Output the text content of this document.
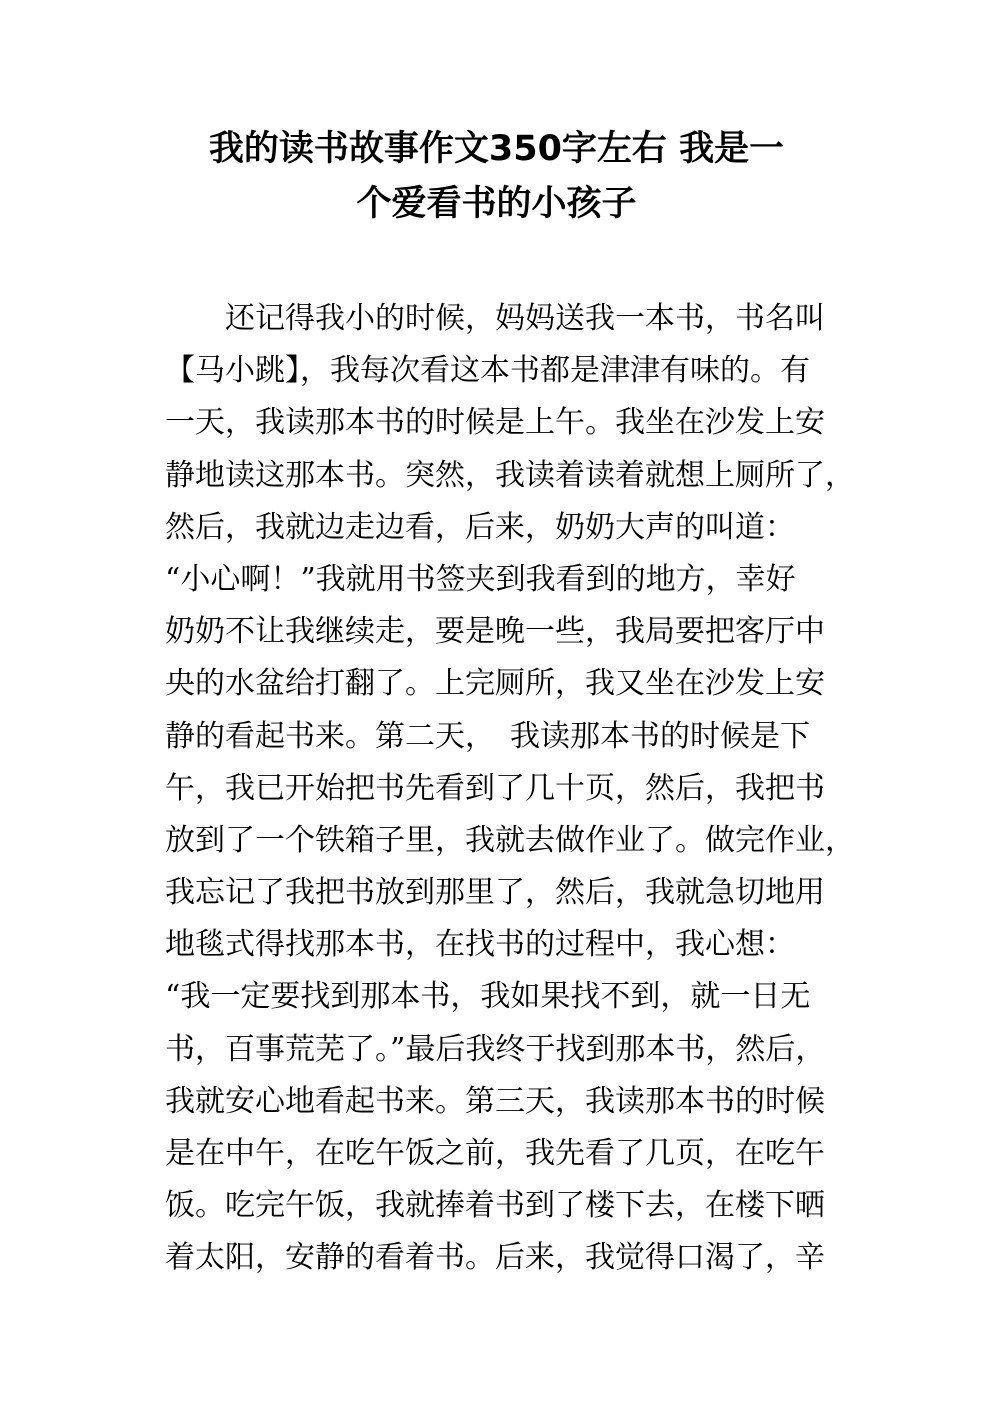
我的读书故事作文350字左右 我是一
个爱看书的小孩子
　　还记得我小的时候，妈妈送我一本书，书名叫
【马小跳】，我每次看这本书都是津津有味的。有
一天，我读那本书的时候是上午。我坐在沙发上安
静地读这那本书。突然，我读着读着就想上厕所了，
然后，我就边走边看，后来，奶奶大声的叫道：
“小心啊！”我就用书签夹到我看到的地方，幸好
奶奶不让我继续走，要是晚一些，我局要把客厅中
央的水盆给打翻了。上完厕所，我又坐在沙发上安
静的看起书来。第二天，　我读那本书的时候是下
午，我已开始把书先看到了几十页，然后，我把书
放到了一个铁箱子里，我就去做作业了。做完作业，
我忘记了我把书放到那里了，然后，我就急切地用
地毯式得找那本书，在找书的过程中，我心想：
“我一定要找到那本书，我如果找不到，就一日无
书，百事荒芜了。”最后我终于找到那本书，然后，
我就安心地看起书来。第三天，我读那本书的时候
是在中午，在吃午饭之前，我先看了几页，在吃午
饭。吃完午饭，我就捧着书到了楼下去，在楼下晒
着太阳，安静的看着书。后来，我觉得口渴了，辛
